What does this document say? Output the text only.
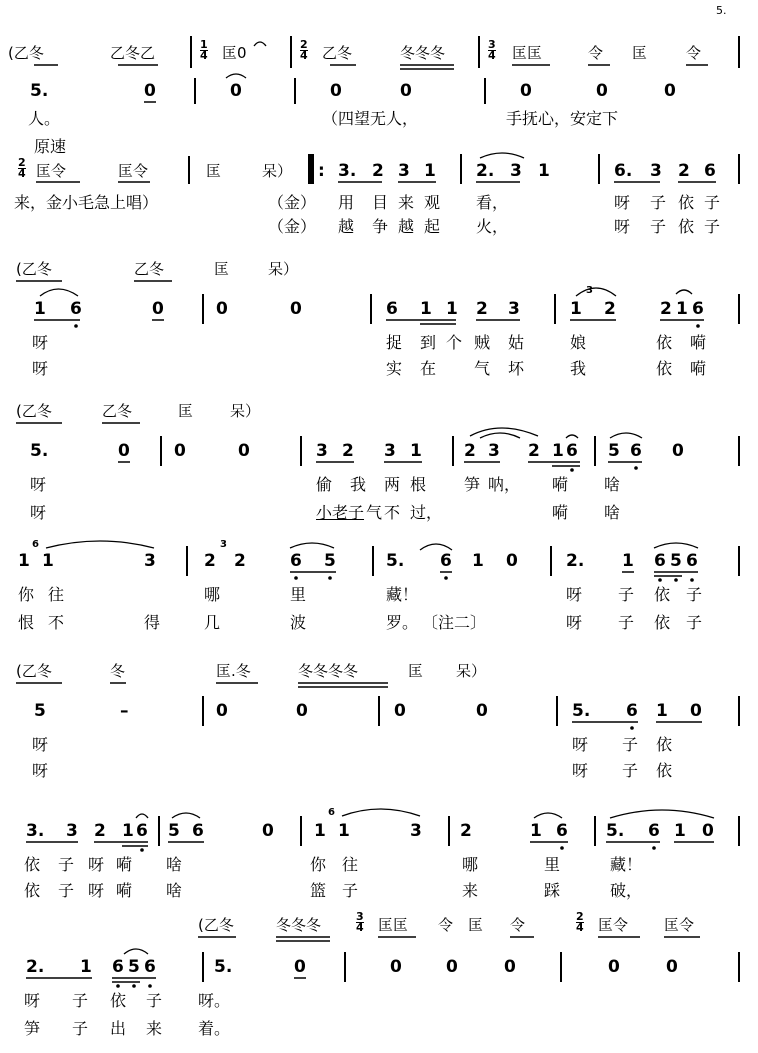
5.
(乙冬	乙冬乙	1
4 匡0	2
4 乙冬	冬冬冬	3
4 匡匡	令 匡	令
5.	0	0	0	0	0	0	0
人。	（四望无人，	手抚心，安定下
原速
2
4 匡令	匡令	匡	呆） : 3. 2 3 1 2. 3 1	6. 3 2 6
来，金小毛急上唱）	（金） 用 目 来 观 看，	呀 子 依 子
（金） 越 争 越 起 火，	呀 子 依 子
(乙冬	乙冬	匡	呆）
1 6	0	0	0	6 1 1 2 3	1
3
2	2 1 6
呀	捉 到 个 贼 姑	娘	依 嗬
呀	实 在 气 坏	我	依 嗬
(乙冬	乙冬	匡 呆）
5.	0	0	0	3 2 3 1 2 3 2 1 6 5 6 0
呀	偷 我 两 根 笋 呐， 嗬 啥
呀	小 老 子 气 不 过，	嗬 啥
1
6
1	3	2
3
2	6 5	5. 6 1 0	2. 1 6 5 6
你 往	哪	里	藏！	呀 子 依 子
恨 不	得	几	波	罗。 〔注二〕	呀 子 依 子
(乙冬	冬	匡.冬	冬冬冬冬	匡 呆）
5	–	0	0	0	0	5. 6 1 0
呀	呀 子 依
呀	呀 子 依
3. 3 2 1 6 5 6	0 1
6
1	3 2	1 6 5. 6 1 0
依 子 呀 嗬 啥	你 往	哪	里	藏！
依 子 呀 嗬 啥	篮 子	来	踩	破，
(乙冬	冬冬冬	3
4 匡匡 令 匡 令	2
4 匡令 匡令
2. 1 6 5 6	5.	0	0	0	0	0	0
呀 子 依 子 呀。
笋 子 出 来 着。
